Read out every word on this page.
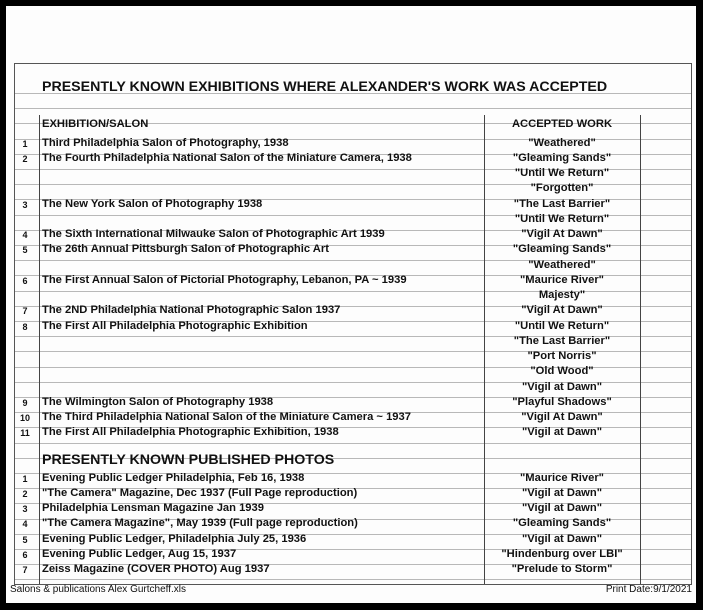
PRESENTLY KNOWN EXHIBITIONS WHERE ALEXANDER'S WORK WAS ACCEPTED
EXHIBITION/SALON	ACCEPTED WORK
1	Third Philadelphia Salon of Photography, 1938	"Weathered"
2	The Fourth Philadelphia National Salon of the Miniature Camera, 1938	"Gleaming Sands"
"Until We Return"
"Forgotten"
3	The New York Salon of Photography 1938	"The Last Barrier"
"Until We Return"
4	The Sixth International Milwauke Salon of Photographic Art 1939	"Vigil At Dawn"
5	The 26th Annual Pittsburgh Salon of Photographic Art	"Gleaming Sands"
"Weathered"
6	The First Annual Salon of Pictorial Photography, Lebanon, PA ~ 1939	"Maurice River"
Majesty"
7	The 2ND Philadelphia National Photographic Salon 1937	"Vigil At Dawn"
8	The First All Philadelphia Photographic Exhibition	"Until We Return"
"The Last Barrier"
"Port Norris"
"Old Wood"
"Vigil at Dawn"
9	The Wilmington Salon of Photography 1938	"Playful Shadows"
10	The Third Philadelphia National Salon of the Miniature Camera ~ 1937	"Vigil At Dawn"
11	The First All Philadelphia Photographic Exhibition, 1938	"Vigil at Dawn"
PRESENTLY KNOWN PUBLISHED PHOTOS
1	Evening Public Ledger Philadelphia, Feb 16, 1938	"Maurice River"
2	"The Camera" Magazine, Dec 1937 (Full Page reproduction)	"Vigil at Dawn"
3	Philadelphia Lensman Magazine Jan 1939	"Vigil at Dawn"
4	"The Camera Magazine", May 1939 (Full page reproduction)	"Gleaming Sands"
5	Evening Public Ledger, Philadelphia July 25, 1936	"Vigil at Dawn"
6	Evening Public Ledger, Aug 15, 1937	"Hindenburg over LBI"
7	Zeiss Magazine (COVER PHOTO) Aug 1937	"Prelude to Storm"
Salons & publications Alex Gurtcheff.xls	Print Date:9/1/2021
